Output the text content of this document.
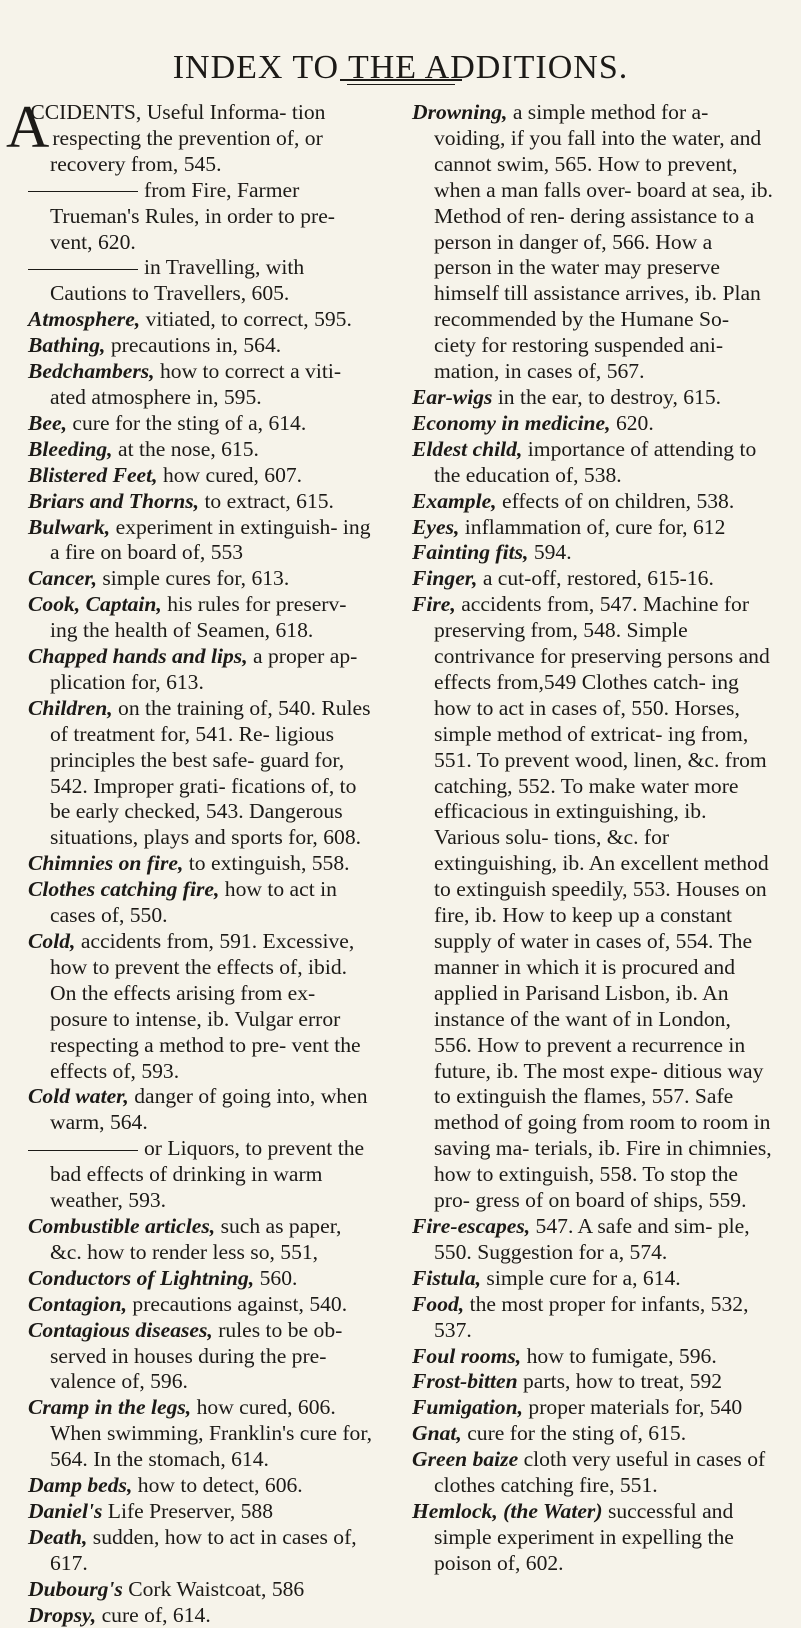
INDEX TO THE ADDITIONS.

A
CCIDENTS, Useful Informa- tion respecting the prevention of, or recovery from, 545.

from Fire, Farmer Trueman's Rules, in order to pre- vent, 620.

in Travelling, with Cautions to Travellers, 605.

Atmosphere, vitiated, to correct, 595.

Bathing, precautions in, 564.

Bedchambers, how to correct a viti- ated atmosphere in, 595.

Bee, cure for the sting of a, 614.

Bleeding, at the nose, 615.

Blistered Feet, how cured, 607.

Briars and Thorns, to extract, 615.

Bulwark, experiment in extinguish- ing a fire on board of, 553

Cancer, simple cures for, 613.

Cook, Captain, his rules for preserv- ing the health of Seamen, 618.

Chapped hands and lips, a proper ap- plication for, 613.

Children, on the training of, 540. Rules of treatment for, 541. Re- ligious principles the best safe- guard for, 542. Improper grati- fications of, to be early checked, 543. Dangerous situations, plays and sports for, 608.

Chimnies on fire, to extinguish, 558.

Clothes catching fire, how to act in cases of, 550.

Cold, accidents from, 591. Excessive, how to prevent the effects of, ibid. On the effects arising from ex- posure to intense, ib. Vulgar error respecting a method to pre- vent the effects of, 593.

Cold water, danger of going into, when warm, 564.

or Liquors, to prevent the bad effects of drinking in warm weather, 593.

Combustible articles, such as paper, &c. how to render less so, 551,

Conductors of Lightning, 560.

Contagion, precautions against, 540.

Contagious diseases, rules to be ob- served in houses during the pre- valence of, 596.

Cramp in the legs, how cured, 606. When swimming, Franklin's cure for, 564. In the stomach, 614.

Damp beds, how to detect, 606.

Daniel's Life Preserver, 588

Death, sudden, how to act in cases of, 617.

Dubourg's Cork Waistcoat, 586

Dropsy, cure of, 614.

Drowning, a simple method for a- voiding, if you fall into the water, and cannot swim, 565. How to prevent, when a man falls over- board at sea, ib. Method of ren- dering assistance to a person in danger of, 566. How a person in the water may preserve himself till assistance arrives, ib. Plan recommended by the Humane So- ciety for restoring suspended ani- mation, in cases of, 567.

Ear-wigs in the ear, to destroy, 615.

Economy in medicine, 620.

Eldest child, importance of attending to the education of, 538.

Example, effects of on children, 538.

Eyes, inflammation of, cure for, 612

Fainting fits, 594.

Finger, a cut-off, restored, 615-16.

Fire, accidents from, 547. Machine for preserving from, 548. Simple contrivance for preserving persons and effects from,549 Clothes catch- ing how to act in cases of, 550. Horses, simple method of extricat- ing from, 551. To prevent wood, linen, &c. from catching, 552. To make water more efficacious in extinguishing, ib. Various solu- tions, &c. for extinguishing, ib. An excellent method to extinguish speedily, 553. Houses on fire, ib. How to keep up a constant supply of water in cases of, 554. The manner in which it is procured and applied in Parisand Lisbon, ib. An instance of the want of in London, 556. How to prevent a recurrence in future, ib. The most expe- ditious way to extinguish the flames, 557. Safe method of going from room to room in saving ma- terials, ib. Fire in chimnies, how to extinguish, 558. To stop the pro- gress of on board of ships, 559.

Fire-escapes, 547. A safe and sim- ple, 550. Suggestion for a, 574.

Fistula, simple cure for a, 614.

Food, the most proper for infants, 532, 537.

Foul rooms, how to fumigate, 596.

Frost-bitten parts, how to treat, 592

Fumigation, proper materials for, 540

Gnat, cure for the sting of, 615.

Green baize cloth very useful in cases of clothes catching fire, 551.

Hemlock, (the Water) successful and simple experiment in expelling the poison of, 602.
